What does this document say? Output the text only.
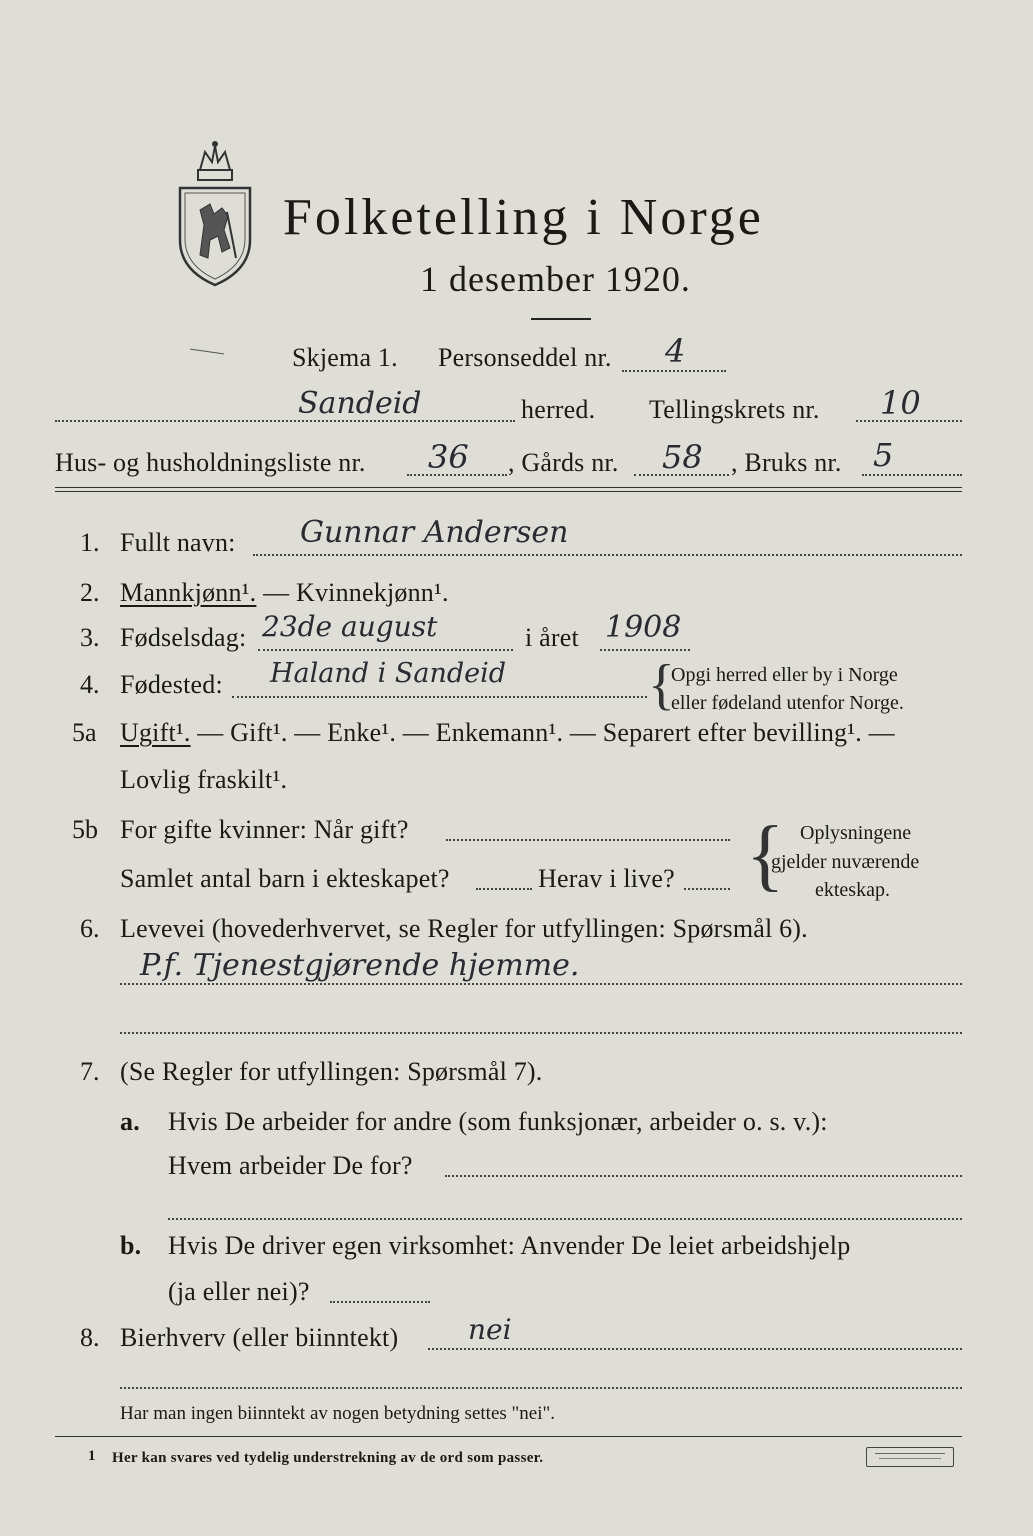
Folketelling i Norge
1 desember 1920.
Skjema 1. Personseddel nr. 4
Sandeid	herred. Tellingskrets nr. 10
Hus- og husholdningsliste nr. 36 , Gårds nr. 58 , Bruks nr. 5
1. Fullt navn: Gunnar Andersen
2. Mannkjønn¹. — Kvinnekjønn¹.
3. Fødselsdag: 23de august	i året 1908
4. Fødested: Haland i Sandeid	{
Opgi herred eller by i Norge
eller fødeland utenfor Norge.
5a Ugift¹. — Gift¹. — Enke¹. — Enkemann¹. — Separert efter bevilling¹. —
Lovlig fraskilt¹.
5b For gifte kvinner: Når gift?
Samlet antal barn i ekteskapet?	Herav i live? { Oplysningene
gjelder nuværende
ekteskap.
6. Levevei (hovederhvervet, se Regler for utfyllingen: Spørsmål 6).
P.f. Tjenestgjørende hjemme.
7. (Se Regler for utfyllingen: Spørsmål 7).
a. Hvis De arbeider for andre (som funksjonær, arbeider o. s. v.):
Hvem arbeider De for?
b. Hvis De driver egen virksomhet: Anvender De leiet arbeidshjelp
(ja eller nei)?
8. Bierhverv (eller biinntekt) nei
Har man ingen biinntekt av nogen betydning settes "nei".
1 Her kan svares ved tydelig understrekning av de ord som passer.
